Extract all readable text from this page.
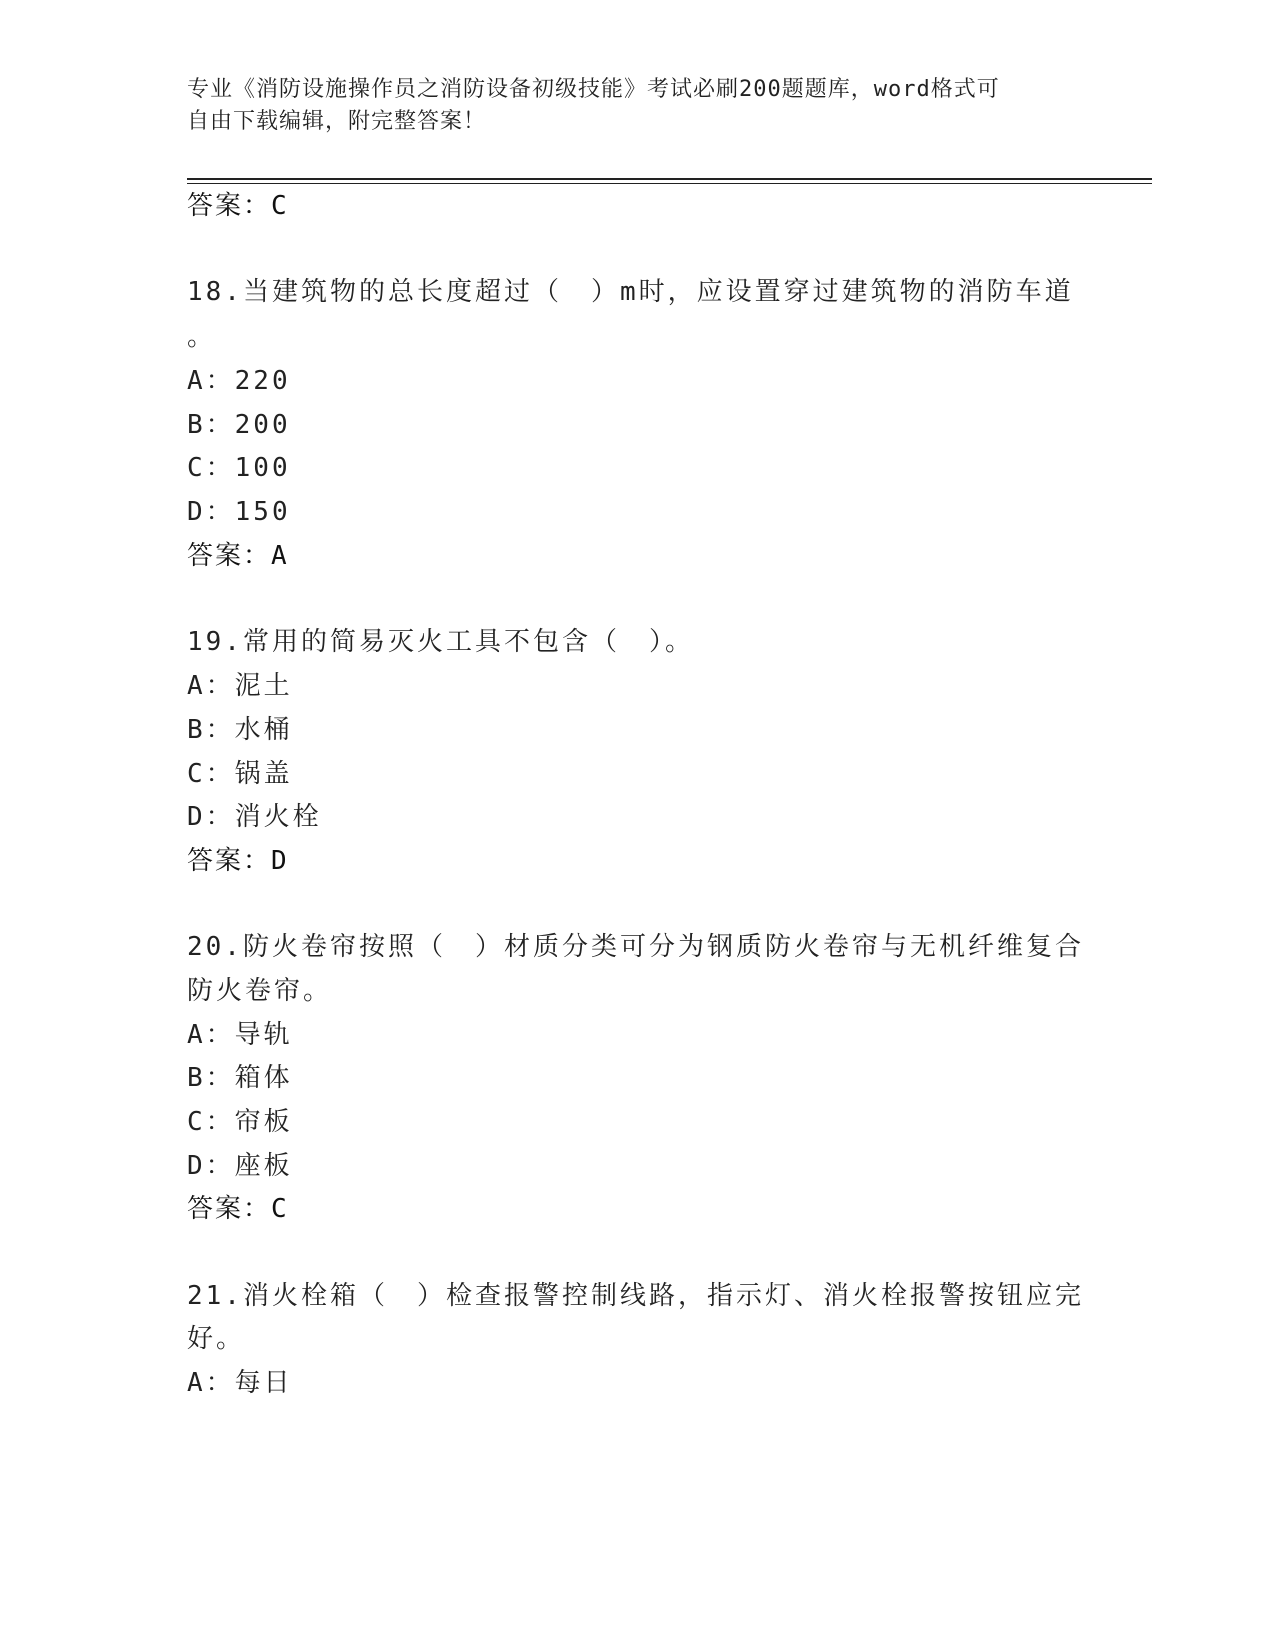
专业《消防设施操作员之消防设备初级技能》考试必刷200题题库，word格式可
自由下载编辑，附完整答案！
答案：C
18.当建筑物的总长度超过（　）m时，应设置穿过建筑物的消防车道
。
A：220
B：200
C：100
D：150
答案：A
19.常用的简易灭火工具不包含（　）。
A：泥土
B：水桶
C：锅盖
D：消火栓
答案：D
20.防火卷帘按照（　）材质分类可分为钢质防火卷帘与无机纤维复合
防火卷帘。
A：导轨
B：箱体
C：帘板
D：座板
答案：C
21.消火栓箱（　）检查报警控制线路，指示灯、消火栓报警按钮应完
好。
A：每日
